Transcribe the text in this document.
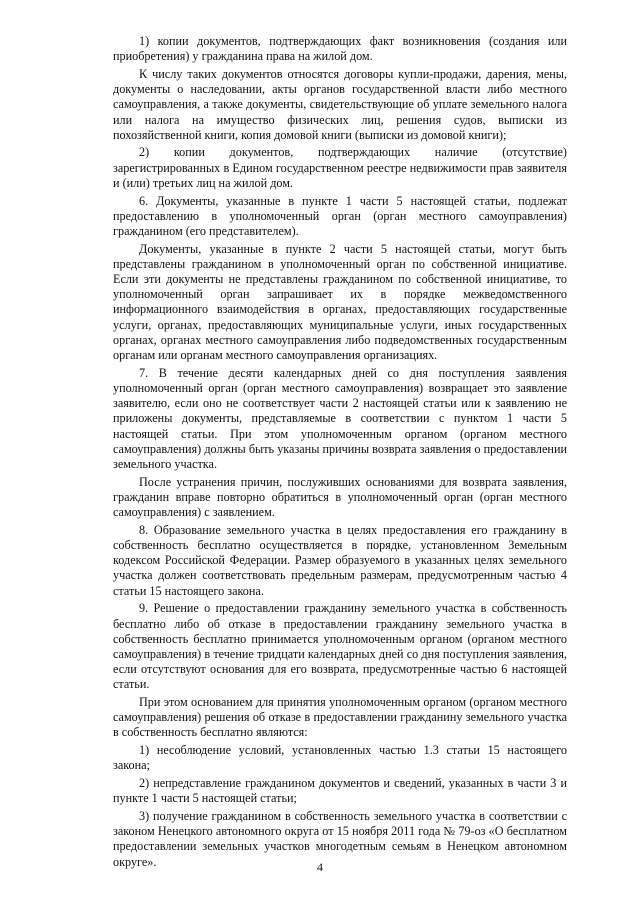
1) копии документов, подтверждающих факт возникновения (создания или приобретения) у гражданина права на жилой дом.

К числу таких документов относятся договоры купли-продажи, дарения, мены, документы о наследовании, акты органов государственной власти либо местного самоуправления, а также документы, свидетельствующие об уплате земельного налога или налога на имущество физических лиц, решения судов, выписки из похозяйственной книги, копия домовой книги (выписки из домовой книги);

2) копии документов, подтверждающих наличие (отсутствие) зарегистрированных в Едином государственном реестре недвижимости прав заявителя и (или) третьих лиц на жилой дом.

6. Документы, указанные в пункте 1 части 5 настоящей статьи, подлежат предоставлению в уполномоченный орган (орган местного самоуправления) гражданином (его представителем).

Документы, указанные в пункте 2 части 5 настоящей статьи, могут быть представлены гражданином в уполномоченный орган по собственной инициативе. Если эти документы не представлены гражданином по собственной инициативе, то уполномоченный орган запрашивает их в порядке межведомственного информационного взаимодействия в органах, предоставляющих государственные услуги, органах, предоставляющих муниципальные услуги, иных государственных органах, органах местного самоуправления либо подведомственных государственным органам или органам местного самоуправления организациях.

7. В течение десяти календарных дней со дня поступления заявления уполномоченный орган (орган местного самоуправления) возвращает это заявление заявителю, если оно не соответствует части 2 настоящей статьи или к заявлению не приложены документы, представляемые в соответствии с пунктом 1 части 5 настоящей статьи. При этом уполномоченным органом (органом местного самоуправления) должны быть указаны причины возврата заявления о предоставлении земельного участка.

После устранения причин, послуживших основаниями для возврата заявления, гражданин вправе повторно обратиться в уполномоченный орган (орган местного самоуправления) с заявлением.

8. Образование земельного участка в целях предоставления его гражданину в собственность бесплатно осуществляется в порядке, установленном Земельным кодексом Российской Федерации. Размер образуемого в указанных целях земельного участка должен соответствовать предельным размерам, предусмотренным частью 4 статьи 15 настоящего закона.

9. Решение о предоставлении гражданину земельного участка в собственность бесплатно либо об отказе в предоставлении гражданину земельного участка в собственность бесплатно принимается уполномоченным органом (органом местного самоуправления) в течение тридцати календарных дней со дня поступления заявления, если отсутствуют основания для его возврата, предусмотренные частью 6 настоящей статьи.

При этом основанием для принятия уполномоченным органом (органом местного самоуправления) решения об отказе в предоставлении гражданину земельного участка в собственность бесплатно являются:

1) несоблюдение условий, установленных частью 1.3 статьи 15 настоящего закона;

2) непредставление гражданином документов и сведений, указанных в части 3 и пункте 1 части 5 настоящей статьи;

3) получение гражданином в собственность земельного участка в соответствии с законом Ненецкого автономного округа от 15 ноября 2011 года № 79-оз «О бесплатном предоставлении земельных участков многодетным семьям в Ненецком автономном округе».	4
